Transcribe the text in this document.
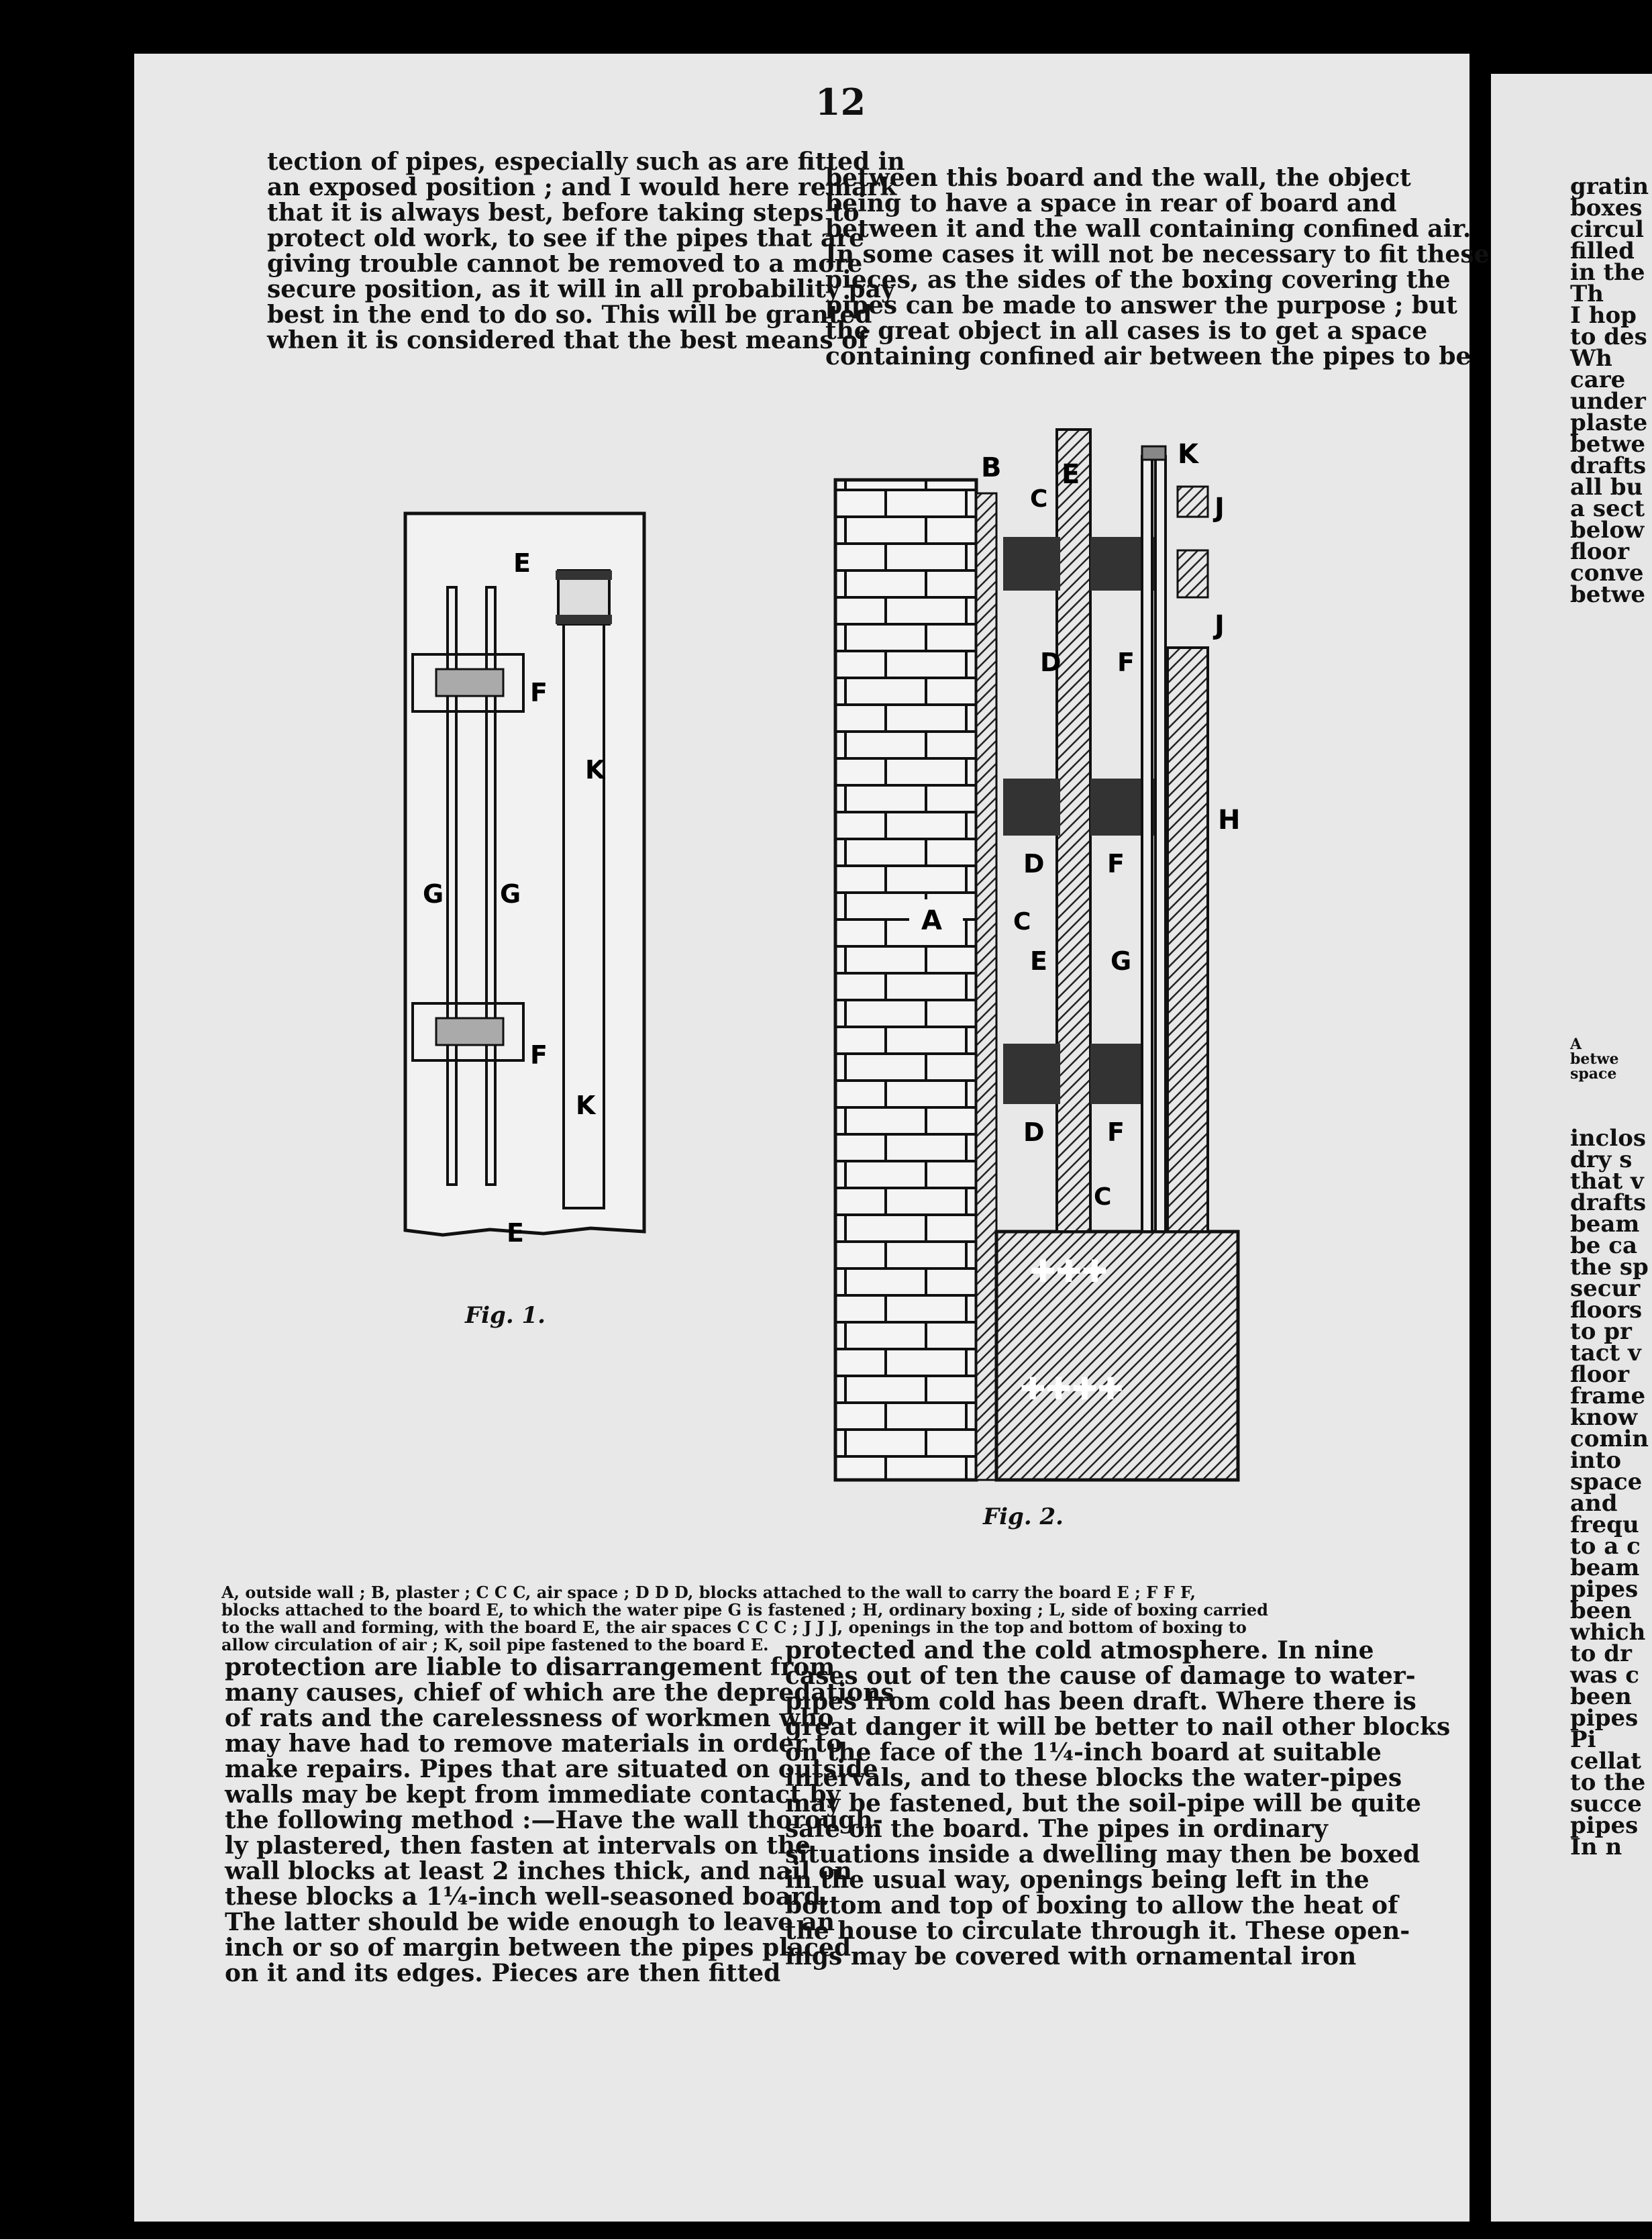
12
tection of pipes, especially such as are fitted in
an exposed position ; and I would here remark
that it is always best, before taking steps to
protect old work, to see if the pipes that are
giving trouble cannot be removed to a more
secure position, as it will in all probability pay
best in the end to do so. This will be granted
when it is considered that the best means of
between this board and the wall, the object
being to have a space in rear of board and
between it and the wall containing confined air.
In some cases it will not be necessary to fit these
pieces, as the sides of the boxing covering the
pipes can be made to answer the purpose ; but
the great object in all cases is to get a space
containing confined air between the pipes to be
E
F
K
G G
F
K
E
Fig. 1.
✚✚✚
✚✚✚✚
A
B
C
E
K
J
J
D F
H
D F
C
E G
D F
C
Fig. 2.
A, outside wall ; B, plaster ; C C C, air space ; D D D, blocks attached to the wall to carry the board E ; F F F,
blocks attached to the board E, to which the water pipe G is fastened ; H, ordinary boxing ; L, side of boxing carried
to the wall and forming, with the board E, the air spaces C C C ; J J J, openings in the top and bottom of boxing to
allow circulation of air ; K, soil pipe fastened to the board E.
protection are liable to disarrangement from
many causes, chief of which are the depredations
of rats and the carelessness of workmen who
may have had to remove materials in order to
make repairs. Pipes that are situated on outside
walls may be kept from immediate contact by
the following method :—Have the wall thorough-
ly plastered, then fasten at intervals on the
wall blocks at least 2 inches thick, and nail on
these blocks a 1¼-inch well-seasoned board.
The latter should be wide enough to leave an
inch or so of margin between the pipes placed
on it and its edges. Pieces are then fitted
protected and the cold atmosphere. In nine
cases out of ten the cause of damage to water-
pipes from cold has been draft. Where there is
great danger it will be better to nail other blocks
on the face of the 1¼-inch board at suitable
intervals, and to these blocks the water-pipes
may be fastened, but the soil-pipe will be quite
safe on the board. The pipes in ordinary
situations inside a dwelling may then be boxed
in the usual way, openings being left in the
bottom and top of boxing to allow the heat of
the house to circulate through it. These open-
ings may be covered with ornamental iron
gratin
boxes
circul
filled
in the
Th
I hop
to des
Wh
care
under
plaste
betwe
drafts
all bu
a sect
below
floor
conve
betwe
A
betwe
space
inclos
dry s
that v
drafts
beam
be ca
the sp
secur
floors
to pr
tact v
floor
frame
know
comin
into
space
and
frequ
to a c
beam
pipes
been
which
to dr
was c
been
pipes
Pi
cellat
to the
succe
pipes
In n
